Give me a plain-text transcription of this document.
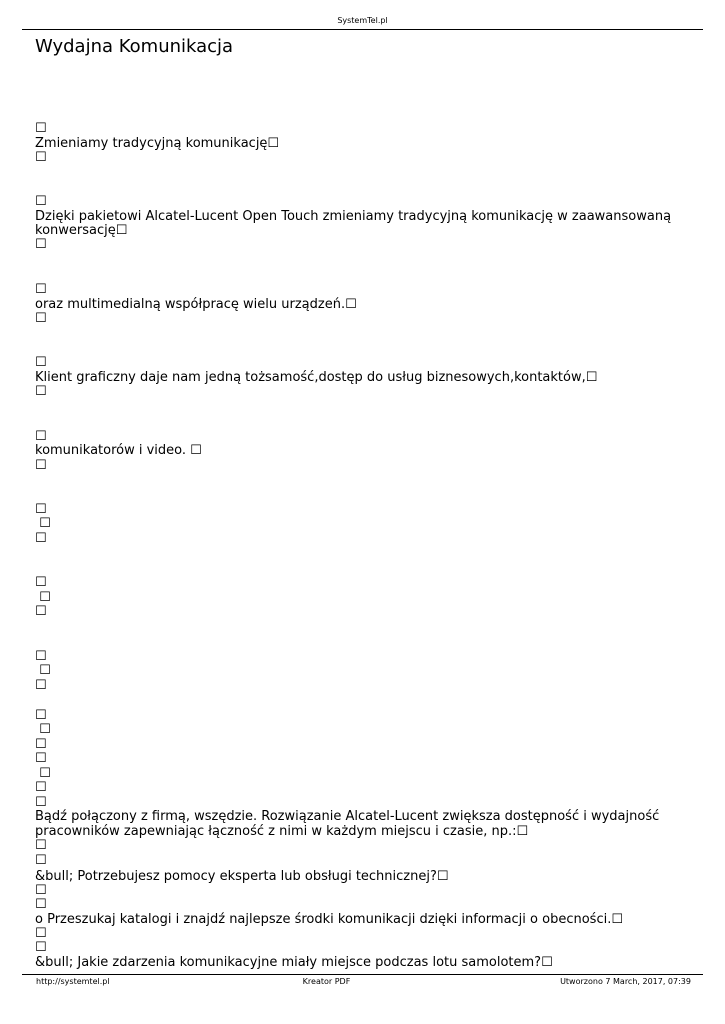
SystemTel.pl
Wydajna Komunikacja
☐
Zmieniamy tradycyjną komunikację☐
☐
☐
Dzięki pakietowi Alcatel-Lucent Open Touch zmieniamy tradycyjną komunikację w zaawansowaną
konwersację☐
☐
☐
oraz multimedialną współpracę wielu urządzeń.☐
☐
☐
Klient graficzny daje nam jedną tożsamość,dostęp do usług biznesowych,kontaktów,☐
☐
☐
komunikatorów i video. ☐
☐
☐
☐
☐
☐
☐
☐
☐
☐
☐
☐
☐
☐
☐
☐
☐
☐
Bądź połączony z firmą, wszędzie. Rozwiązanie Alcatel-Lucent zwiększa dostępność i wydajność
pracowników zapewniając łączność z nimi w każdym miejscu i czasie, np.:☐
☐
☐
&bull; Potrzebujesz pomocy eksperta lub obsługi technicznej?☐
☐
☐
o Przeszukaj katalogi i znajdź najlepsze środki komunikacji dzięki informacji o obecności.☐
☐
☐
&bull; Jakie zdarzenia komunikacyjne miały miejsce podczas lotu samolotem?☐
http://systemtel.pl	Kreator PDF	Utworzono 7 March, 2017, 07:39
